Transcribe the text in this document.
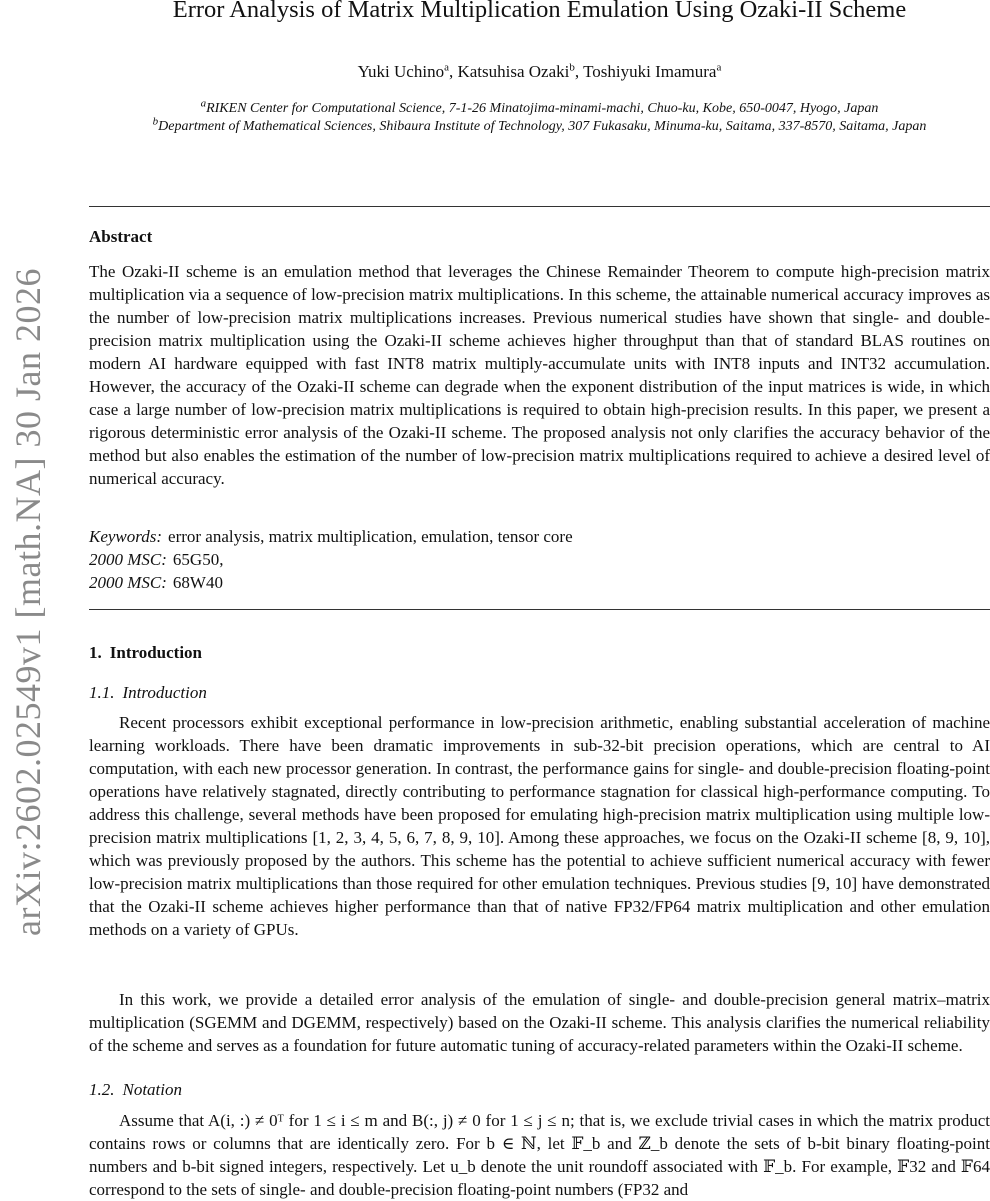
arXiv:2602.02549v1 [math.NA] 30 Jan 2026
Error Analysis of Matrix Multiplication Emulation Using Ozaki-II Scheme
Yuki Uchino$^a$, Katsuhisa Ozaki$^b$, Toshiyuki Imamura$^a$
$^a$RIKEN Center for Computational Science, 7-1-26 Minatojima-minami-machi, Chuo-ku, Kobe, 650-0047, Hyogo, Japan
$^b$Department of Mathematical Sciences, Shibaura Institute of Technology, 307 Fukasaku, Minuma-ku, Saitama, 337-8570, Saitama, Japan
Abstract
The Ozaki-II scheme is an emulation method that leverages the Chinese Remainder Theorem to compute high-precision matrix multiplication via a sequence of low-precision matrix multiplications. In this scheme, the attainable numerical accuracy improves as the number of low-precision matrix multiplications increases. Previous numerical studies have shown that single- and double-precision matrix multiplication using the Ozaki-II scheme achieves higher throughput than that of standard BLAS routines on modern AI hardware equipped with fast INT8 matrix multiply-accumulate units with INT8 inputs and INT32 accumulation. However, the accuracy of the Ozaki-II scheme can degrade when the exponent distribution of the input matrices is wide, in which case a large number of low-precision matrix multiplications is required to obtain high-precision results. In this paper, we present a rigorous deterministic error analysis of the Ozaki-II scheme. The proposed analysis not only clarifies the accuracy behavior of the method but also enables the estimation of the number of low-precision matrix multiplications required to achieve a desired level of numerical accuracy.
Keywords: error analysis, matrix multiplication, emulation, tensor core
2000 MSC: 65G50,
2000 MSC: 68W40
1. Introduction
1.1. Introduction
Recent processors exhibit exceptional performance in low-precision arithmetic, enabling substantial acceleration of machine learning workloads. There have been dramatic improvements in sub-32-bit precision operations, which are central to AI computation, with each new processor generation. In contrast, the performance gains for single- and double-precision floating-point operations have relatively stagnated, directly contributing to performance stagnation for classical high-performance computing. To address this challenge, several methods have been proposed for emulating high-precision matrix multiplication using multiple low-precision matrix multiplications [1, 2, 3, 4, 5, 6, 7, 8, 9, 10]. Among these approaches, we focus on the Ozaki-II scheme [8, 9, 10], which was previously proposed by the authors. This scheme has the potential to achieve sufficient numerical accuracy with fewer low-precision matrix multiplications than those required for other emulation techniques. Previous studies [9, 10] have demonstrated that the Ozaki-II scheme achieves higher performance than that of native FP32/FP64 matrix multiplication and other emulation methods on a variety of GPUs.
In this work, we provide a detailed error analysis of the emulation of single- and double-precision general matrix–matrix multiplication (SGEMM and DGEMM, respectively) based on the Ozaki-II scheme. This analysis clarifies the numerical reliability of the scheme and serves as a foundation for future automatic tuning of accuracy-related parameters within the Ozaki-II scheme.
1.2. Notation
Assume that A(i, :) ≠ 0ᵀ for 1 ≤ i ≤ m and B(:, j) ≠ 0 for 1 ≤ j ≤ n; that is, we exclude trivial cases in which the matrix product contains rows or columns that are identically zero. For b ∈ ℕ, let 𝔽_b and ℤ_b denote the sets of b-bit binary floating-point numbers and b-bit signed integers, respectively. Let u_b denote the unit roundoff associated with 𝔽_b. For example, 𝔽32 and 𝔽64 correspond to the sets of single- and double-precision floating-point numbers (FP32 and
